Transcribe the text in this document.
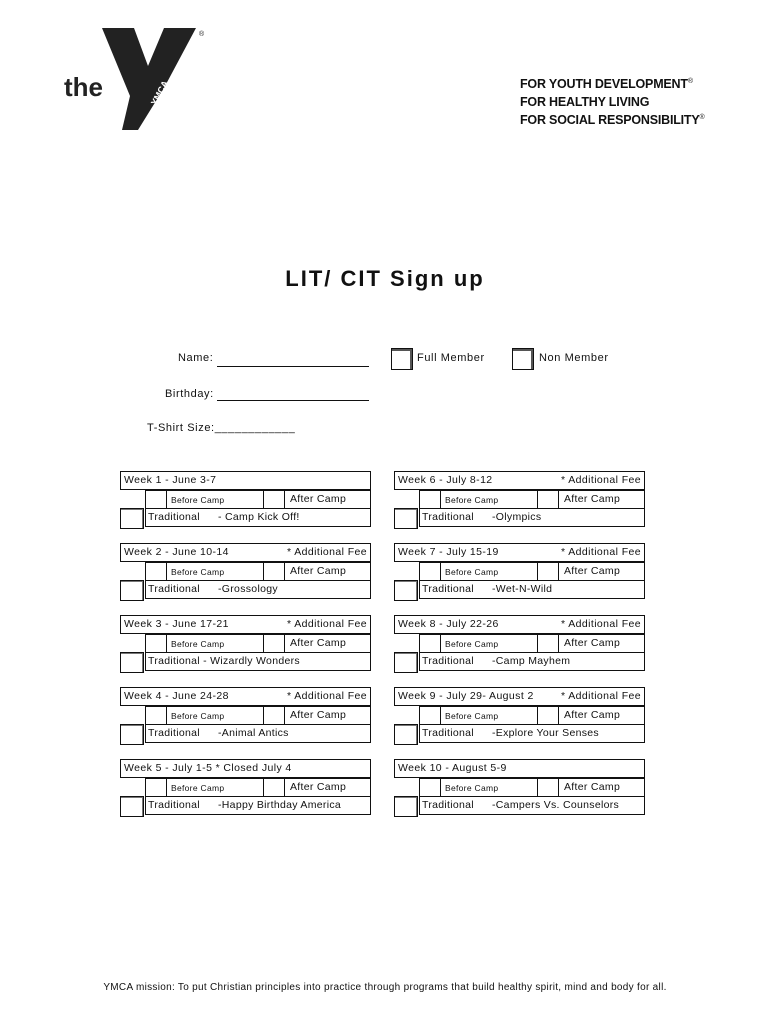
the	YMCA
®
FOR YOUTH DEVELOPMENT®
FOR HEALTHY LIVING
FOR SOCIAL RESPONSIBILITY®
LIT/ CIT Sign up
Name:	Full Member	Non Member
Birthday:
T-Shirt Size:____________
Week 1 - June 3-7
Before Camp	After Camp
Traditional - Camp Kick Off!
Week 2 - June 10-14	* Additional Fee
Before Camp	After Camp
Traditional -Grossology
Week 3 - June 17-21	* Additional Fee
Before Camp	After Camp
Traditional - Wizardly Wonders
Week 4 - June 24-28	* Additional Fee
Before Camp	After Camp
Traditional -Animal Antics
Week 5 - July 1-5 * Closed July 4
Before Camp	After Camp
Traditional -Happy Birthday America
Week 6 - July 8-12	* Additional Fee
Before Camp	After Camp
Traditional -Olympics
Week 7 - July 15-19	* Additional Fee
Before Camp	After Camp
Traditional -Wet-N-Wild
Week 8 - July 22-26	* Additional Fee
Before Camp	After Camp
Traditional -Camp Mayhem
Week 9 - July 29- August 2	* Additional Fee
Before Camp	After Camp
Traditional -Explore Your Senses
Week 10 - August 5-9
Before Camp	After Camp
Traditional -Campers Vs. Counselors
YMCA mission: To put Christian principles into practice through programs that build healthy spirit, mind and body for all.
